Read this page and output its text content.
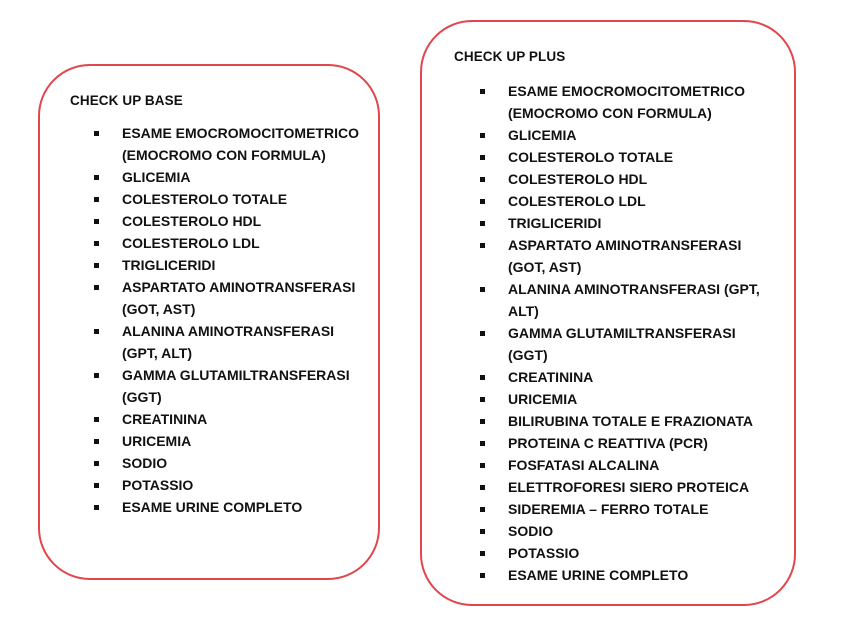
CHECK UP BASE
ESAME EMOCROMOCITOMETRICO (EMOCROMO CON FORMULA)
GLICEMIA
COLESTEROLO TOTALE
COLESTEROLO HDL
COLESTEROLO LDL
TRIGLICERIDI
ASPARTATO AMINOTRANSFERASI (GOT, AST)
ALANINA AMINOTRANSFERASI (GPT, ALT)
GAMMA GLUTAMILTRANSFERASI (GGT)
CREATININA
URICEMIA
SODIO
POTASSIO
ESAME URINE COMPLETO
CHECK UP PLUS
ESAME EMOCROMOCITOMETRICO (EMOCROMO CON FORMULA)
GLICEMIA
COLESTEROLO TOTALE
COLESTEROLO HDL
COLESTEROLO LDL
TRIGLICERIDI
ASPARTATO AMINOTRANSFERASI (GOT, AST)
ALANINA AMINOTRANSFERASI (GPT, ALT)
GAMMA GLUTAMILTRANSFERASI (GGT)
CREATININA
URICEMIA
BILIRUBINA TOTALE E FRAZIONATA
PROTEINA C REATTIVA (PCR)
FOSFATASI ALCALINA
ELETTROFORESI SIERO PROTEICA
SIDEREMIA – FERRO TOTALE
SODIO
POTASSIO
ESAME URINE COMPLETO
